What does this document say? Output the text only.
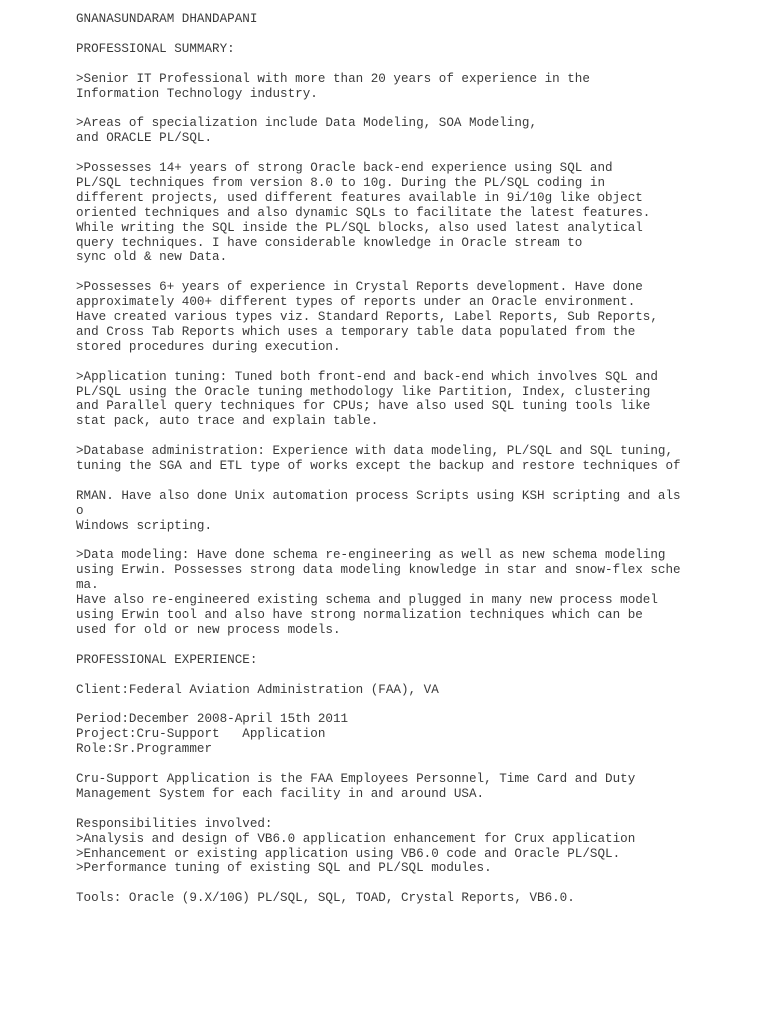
GNANASUNDARAM DHANDAPANI
PROFESSIONAL SUMMARY:
>Senior IT Professional with more than 20 years of experience in the
Information Technology industry.
>Areas of specialization include Data Modeling, SOA Modeling,
and ORACLE PL/SQL.
>Possesses 14+ years of strong Oracle back-end experience using SQL and
PL/SQL techniques from version 8.0 to 10g. During the PL/SQL coding in
different projects, used different features available in 9i/10g like object
oriented techniques and also dynamic SQLs to facilitate the latest features.
While writing the SQL inside the PL/SQL blocks, also used latest analytical
query techniques. I have considerable knowledge in Oracle stream to
sync old & new Data.
>Possesses 6+ years of experience in Crystal Reports development. Have done
approximately 400+ different types of reports under an Oracle environment.
Have created various types viz. Standard Reports, Label Reports, Sub Reports,
and Cross Tab Reports which uses a temporary table data populated from the
stored procedures during execution.
>Application tuning: Tuned both front-end and back-end which involves SQL and
PL/SQL using the Oracle tuning methodology like Partition, Index, clustering
and Parallel query techniques for CPUs; have also used SQL tuning tools like
stat pack, auto trace and explain table.
>Database administration: Experience with data modeling, PL/SQL and SQL tuning,
tuning the SGA and ETL type of works except the backup and restore techniques of
RMAN. Have also done Unix automation process Scripts using KSH scripting and als
o
Windows scripting.
>Data modeling: Have done schema re-engineering as well as new schema modeling
using Erwin. Possesses strong data modeling knowledge in star and snow-flex sche
ma.
Have also re-engineered existing schema and plugged in many new process model
using Erwin tool and also have strong normalization techniques which can be
used for old or new process models.
PROFESSIONAL EXPERIENCE:
Client:Federal Aviation Administration (FAA), VA
Period:December 2008-April 15th 2011
Project:Cru-Support   Application
Role:Sr.Programmer
Cru-Support Application is the FAA Employees Personnel, Time Card and Duty
Management System for each facility in and around USA.
Responsibilities involved:
>Analysis and design of VB6.0 application enhancement for Crux application
>Enhancement or existing application using VB6.0 code and Oracle PL/SQL.
>Performance tuning of existing SQL and PL/SQL modules.
Tools: Oracle (9.X/10G) PL/SQL, SQL, TOAD, Crystal Reports, VB6.0.
